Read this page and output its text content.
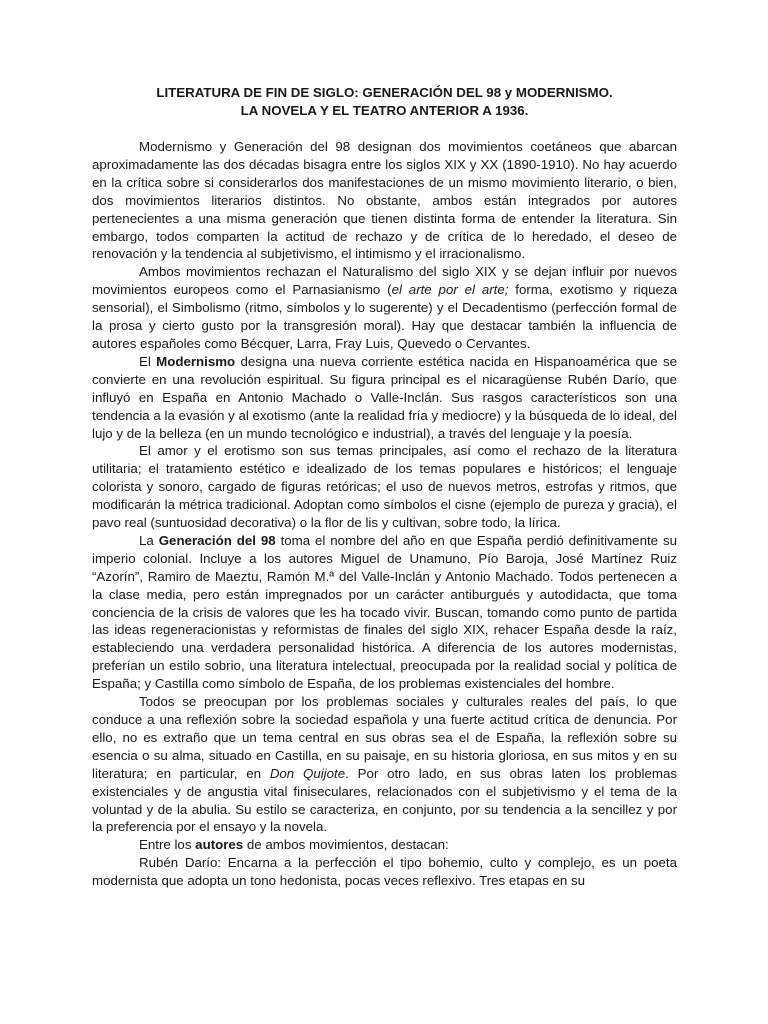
LITERATURA DE FIN DE SIGLO: GENERACIÓN DEL 98 y MODERNISMO.
LA NOVELA Y EL TEATRO ANTERIOR A 1936.

Modernismo y Generación del 98 designan dos movimientos coetáneos que abarcan aproximadamente las dos décadas bisagra entre los siglos XIX y XX (1890-1910). No hay acuerdo en la crítica sobre si considerarlos dos manifestaciones de un mismo movimiento literario, o bien, dos movimientos literarios distintos. No obstante, ambos están integrados por autores pertenecientes a una misma generación que tienen distinta forma de entender la literatura. Sin embargo, todos comparten la actitud de rechazo y de crítica de lo heredado, el deseo de renovación y la tendencia al subjetivismo, el intimismo y el irracionalismo.

Ambos movimientos rechazan el Naturalismo del siglo XIX y se dejan influir por nuevos movimientos europeos como el Parnasianismo (el arte por el arte; forma, exotismo y riqueza sensorial), el Simbolismo (ritmo, símbolos y lo sugerente) y el Decadentismo (perfección formal de la prosa y cierto gusto por la transgresión moral). Hay que destacar también la influencia de autores españoles como Bécquer, Larra, Fray Luis, Quevedo o Cervantes.

El Modernismo designa una nueva corriente estética nacida en Hispanoamérica que se convierte en una revolución espiritual. Su figura principal es el nicaragüense Rubén Darío, que influyó en España en Antonio Machado o Valle-Inclán. Sus rasgos característicos son una tendencia a la evasión y al exotismo (ante la realidad fría y mediocre) y la búsqueda de lo ideal, del lujo y de la belleza (en un mundo tecnológico e industrial), a través del lenguaje y la poesía.

El amor y el erotismo son sus temas principales, así como el rechazo de la literatura utilitaria; el tratamiento estético e idealizado de los temas populares e históricos; el lenguaje colorista y sonoro, cargado de figuras retóricas; el uso de nuevos metros, estrofas y ritmos, que modificarán la métrica tradicional. Adoptan como símbolos el cisne (ejemplo de pureza y gracia), el pavo real (suntuosidad decorativa) o la flor de lis y cultivan, sobre todo, la lírica.

La Generación del 98 toma el nombre del año en que España perdió definitivamente su imperio colonial. Incluye a los autores Miguel de Unamuno, Pío Baroja, José Martínez Ruiz “Azorín”, Ramiro de Maeztu, Ramón M.ª del Valle-Inclán y Antonio Machado. Todos pertenecen a la clase media, pero están impregnados por un carácter antiburgués y autodidacta, que toma conciencia de la crisis de valores que les ha tocado vivir. Buscan, tomando como punto de partida las ideas regeneracionistas y reformistas de finales del siglo XIX, rehacer España desde la raíz, estableciendo una verdadera personalidad histórica. A diferencia de los autores modernistas, preferían un estilo sobrio, una literatura intelectual, preocupada por la realidad social y política de España; y Castilla como símbolo de España, de los problemas existenciales del hombre.

Todos se preocupan por los problemas sociales y culturales reales del país, lo que conduce a una reflexión sobre la sociedad española y una fuerte actitud crítica de denuncia. Por ello, no es extraño que un tema central en sus obras sea el de España, la reflexión sobre su esencia o su alma, situado en Castilla, en su paisaje, en su historia gloriosa, en sus mitos y en su literatura; en particular, en Don Quijote. Por otro lado, en sus obras laten los problemas existenciales y de angustia vital finiseculares, relacionados con el subjetivismo y el tema de la voluntad y de la abulia. Su estilo se caracteriza, en conjunto, por su tendencia a la sencillez y por la preferencia por el ensayo y la novela.

Entre los autores de ambos movimientos, destacan:

Rubén Darío: Encarna a la perfección el tipo bohemio, culto y complejo, es un poeta modernista que adopta un tono hedonista, pocas veces reflexivo. Tres etapas en su
